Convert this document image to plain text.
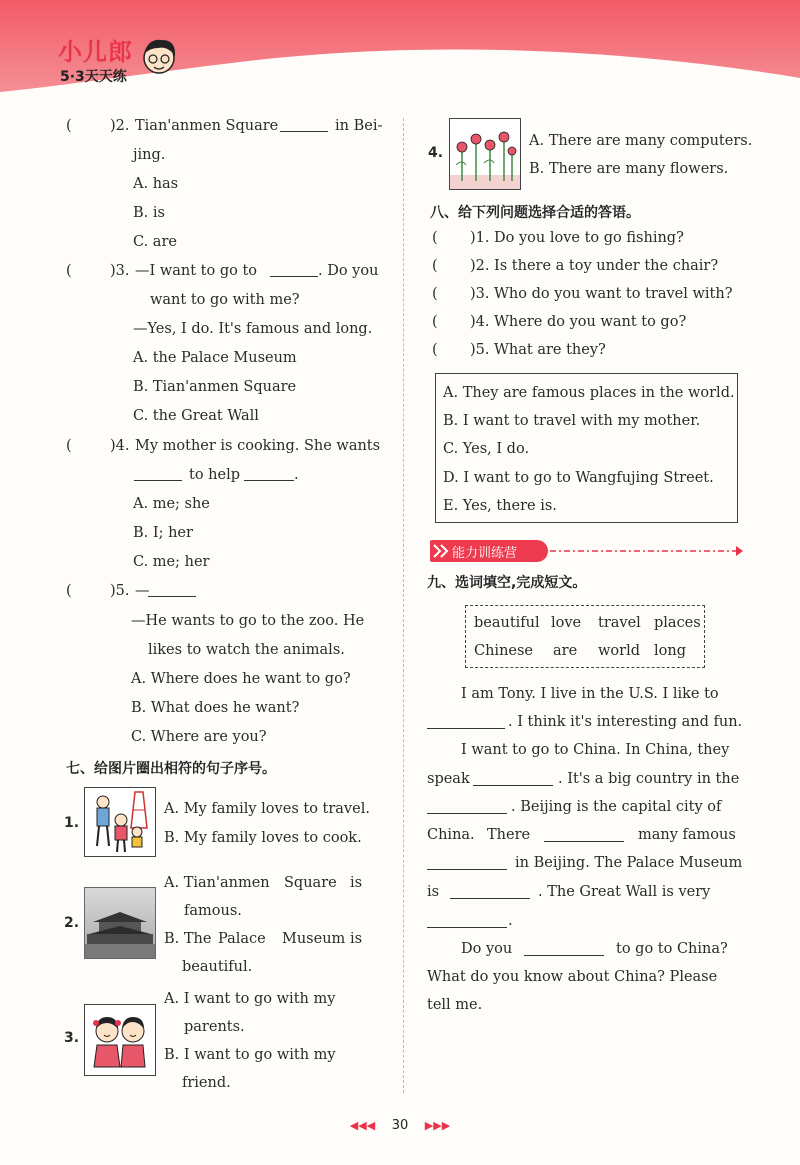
小儿郎
5·3天天练
(	)2. Tian'anmen Square	in Bei-
jing.
A. has
B. is
C. are
(	)3. —I want to go to	. Do you
want to go with me?
—Yes, I do. It's famous and long.
A. the Palace Museum
B. Tian'anmen Square
C. the Great Wall
(	)4. My mother is cooking. She wants
to help	.
A. me; she
B. I; her
C. me; her
(	)5. —
—He wants to go to the zoo. He
likes to watch the animals.
A. Where does he want to go?
B. What does he want?
C. Where are you?
七、给图片圈出相符的句子序号。
1.
A. My family loves to travel.
B. My family loves to cook.
2.
A. Tian'anmen Square is
famous.
B. The Palace Museum is
beautiful.
3.
A. I want to go with my
parents.
B. I want to go with my
friend.
4.
A. There are many computers.
B. There are many flowers.
八、给下列问题选择合适的答语。
( )1. Do you love to go fishing?
( )2. Is there a toy under the chair?
( )3. Who do you want to travel with?
( )4. Where do you want to go?
( )5. What are they?
A. They are famous places in the world.
B. I want to travel with my mother.
C. Yes, I do.
D. I want to go to Wangfujing Street.
E. Yes, there is.
能力训练营
九、选词填空,完成短文。
beautiful love travel places
Chinese are world long
I am Tony. I live in the U.S. I like to
. I think it's interesting and fun.
I want to go to China. In China, they
speak	. It's a big country in the
. Beijing is the capital city of
China. There	many famous
in Beijing. The Palace Museum
is	. The Great Wall is very
.
Do you	to go to China?
What do you know about China? Please
tell me.
◀◀◀ 30 ▶▶▶
